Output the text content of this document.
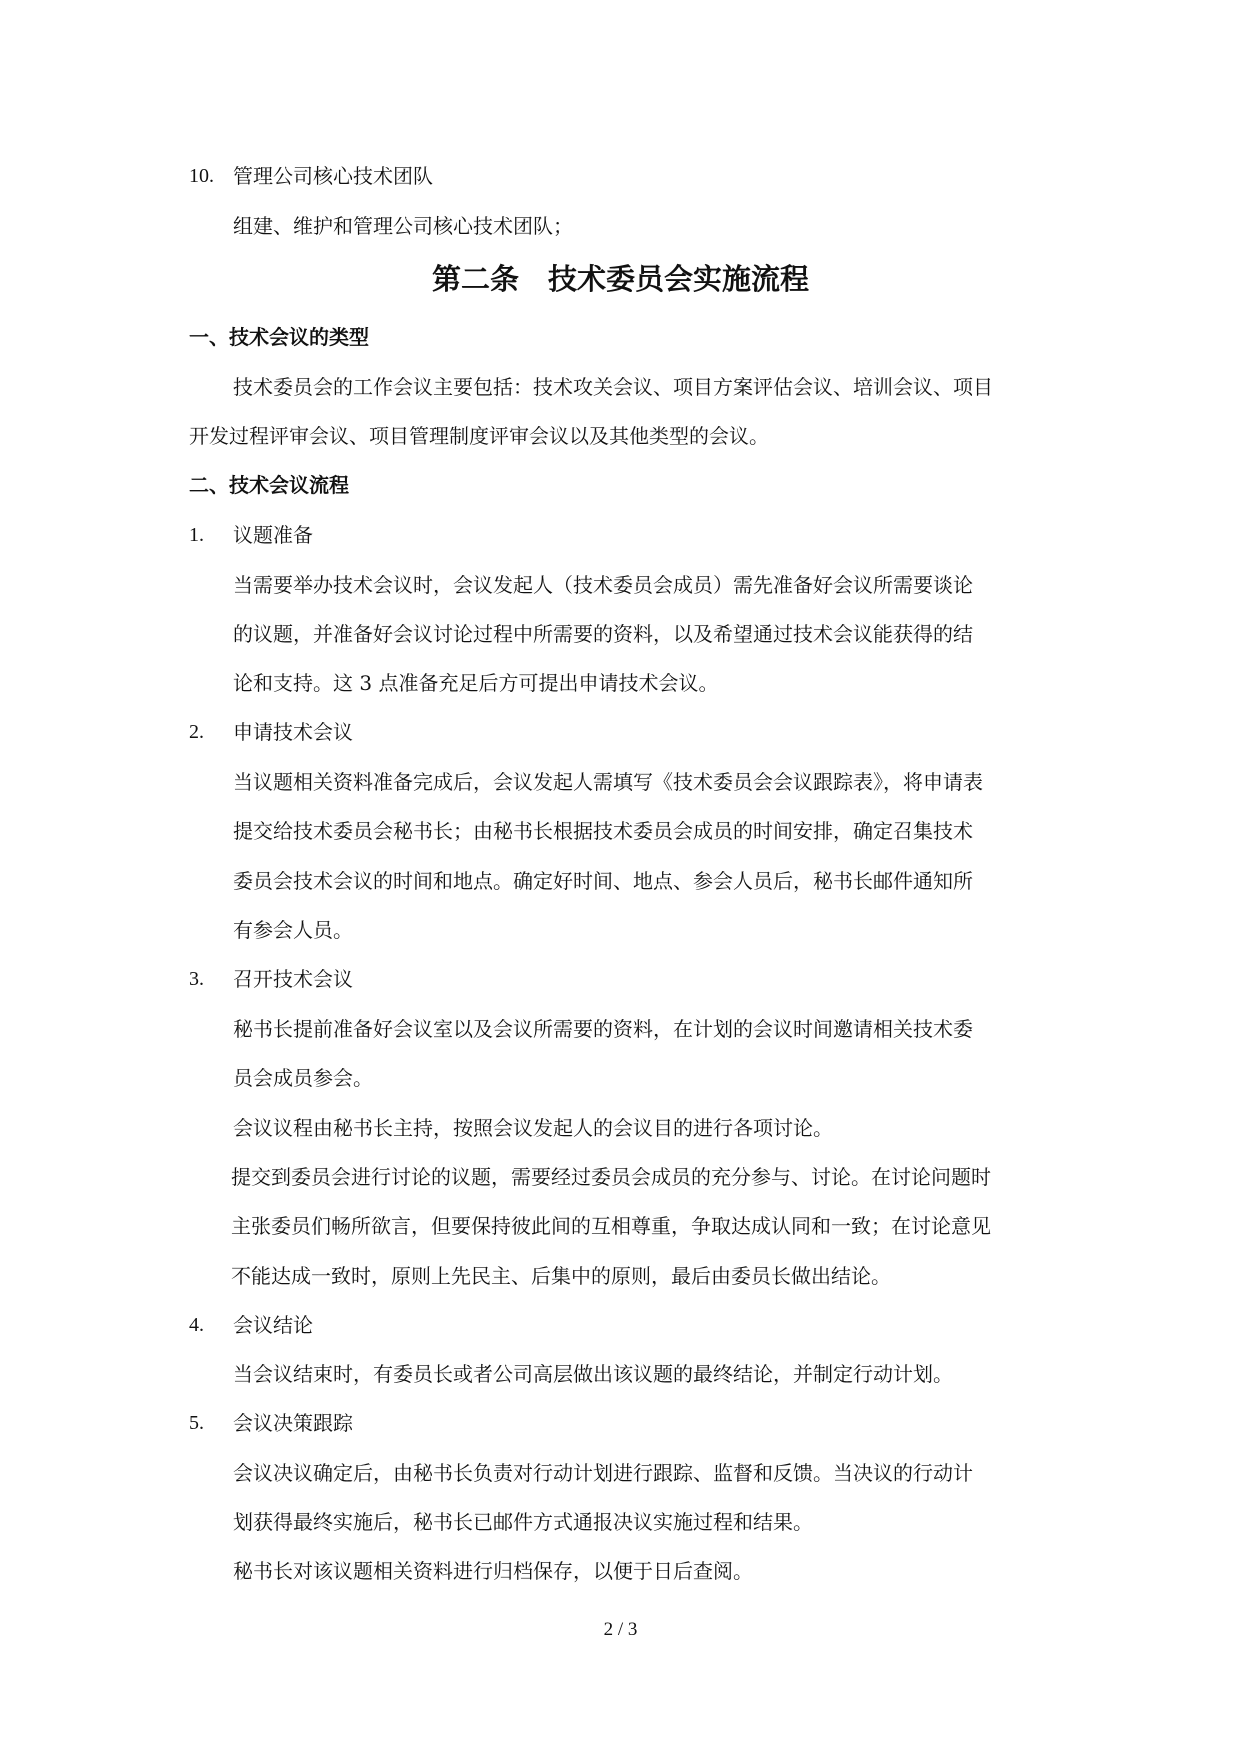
10. 管理公司核心技术团队
组建、维护和管理公司核心技术团队；
第二条　技术委员会实施流程
一、技术会议的类型
技术委员会的工作会议主要包括：技术攻关会议、项目方案评估会议、培训会议、项目
开发过程评审会议、项目管理制度评审会议以及其他类型的会议。
二、技术会议流程
1. 议题准备
当需要举办技术会议时，会议发起人（技术委员会成员）需先准备好会议所需要谈论
的议题，并准备好会议讨论过程中所需要的资料，以及希望通过技术会议能获得的结
论和支持。这 3 点准备充足后方可提出申请技术会议。
2. 申请技术会议
当议题相关资料准备完成后，会议发起人需填写《技术委员会会议跟踪表》，将申请表
提交给技术委员会秘书长；由秘书长根据技术委员会成员的时间安排，确定召集技术
委员会技术会议的时间和地点。确定好时间、地点、参会人员后，秘书长邮件通知所
有参会人员。
3. 召开技术会议
秘书长提前准备好会议室以及会议所需要的资料，在计划的会议时间邀请相关技术委
员会成员参会。
会议议程由秘书长主持，按照会议发起人的会议目的进行各项讨论。
提交到委员会进行讨论的议题，需要经过委员会成员的充分参与、讨论。在讨论问题时
主张委员们畅所欲言，但要保持彼此间的互相尊重，争取达成认同和一致；在讨论意见
不能达成一致时，原则上先民主、后集中的原则，最后由委员长做出结论。
4. 会议结论
当会议结束时，有委员长或者公司高层做出该议题的最终结论，并制定行动计划。
5. 会议决策跟踪
会议决议确定后，由秘书长负责对行动计划进行跟踪、监督和反馈。当决议的行动计
划获得最终实施后，秘书长已邮件方式通报决议实施过程和结果。
秘书长对该议题相关资料进行归档保存，以便于日后查阅。
2 / 3
